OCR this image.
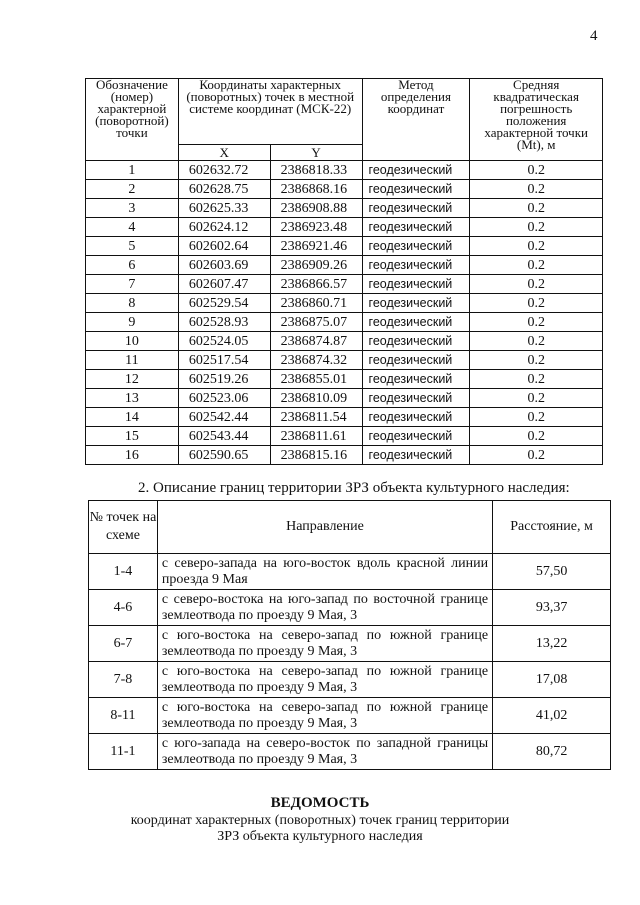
4
Обозначение (номер) характерной (поворотной) точки	Координаты характерных (поворотных) точек в местной системе координат (МСК-22)		Метод определения координат	Средняя квадратическая погрешность положения характерной точки (Mt), м
	X	Y		
1	602632.72	2386818.33	геодезический	0.2
2	602628.75	2386868.16	геодезический	0.2
3	602625.33	2386908.88	геодезический	0.2
4	602624.12	2386923.48	геодезический	0.2
5	602602.64	2386921.46	геодезический	0.2
6	602603.69	2386909.26	геодезический	0.2
7	602607.47	2386866.57	геодезический	0.2
8	602529.54	2386860.71	геодезический	0.2
9	602528.93	2386875.07	геодезический	0.2
10	602524.05	2386874.87	геодезический	0.2
11	602517.54	2386874.32	геодезический	0.2
12	602519.26	2386855.01	геодезический	0.2
13	602523.06	2386810.09	геодезический	0.2
14	602542.44	2386811.54	геодезический	0.2
15	602543.44	2386811.61	геодезический	0.2
16	602590.65	2386815.16	геодезический	0.2
2. Описание границ территории ЗРЗ объекта культурного наследия:
№ точек на схеме	Направление	Расстояние, м
1-4	с северо-запада на юго-восток вдоль красной линии проезда 9 Мая	57,50
4-6	с северо-востока на юго-запад по восточной границе землеотвода по проезду 9 Мая, 3	93,37
6-7	с юго-востока на северо-запад по южной границе землеотвода по проезду 9 Мая, 3	13,22
7-8	с юго-востока на северо-запад по южной границе землеотвода по проезду 9 Мая, 3	17,08
8-11	с юго-востока на северо-запад по южной границе землеотвода по проезду 9 Мая, 3	41,02
11-1	с юго-запада на северо-восток по западной границы землеотвода по проезду 9 Мая, 3	80,72
ВЕДОМОСТЬ
координат характерных (поворотных) точек границ территории
ЗРЗ объекта культурного наследия
